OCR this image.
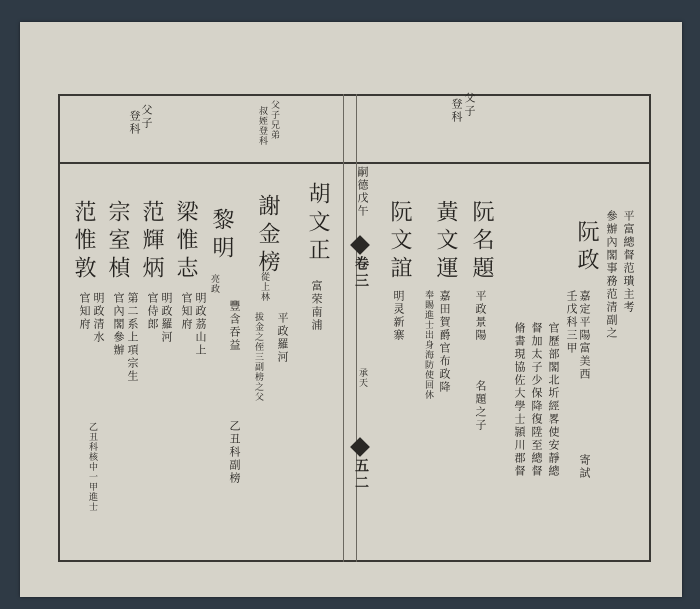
父子
登科	父子兄弟
叔姪登科
父子
登科
嗣德戊午
卷三
承天
五二
平富總督范璝主考
參辦內閣事務范清副之
阮政
嘉定平陽富美西
壬戊科三甲
寄試
官歷部閣北圻經畧使安靜總
督加太子少保降復陞至總督
脩書現協佐大學士頴川郡督
阮名題
平政景陽
名題之子
黃文運
嘉田賀爵官布政降
奉賜進士出身海防使回休
阮文誼
明灵新寨
胡文正
富荣南浦
謝金榜
從上林
平政羅河
拔金之侄三副榜之父
黎明
亮政
豐含吞益
乙丑科副榜
梁惟志
明政茘山上
官知府
范輝炳
明政羅河
官侍郎
宗室楨
第二系上項宗生
官內閣參辦
范惟敦
明政清水
官知府
乙丑科核中一甲進士
